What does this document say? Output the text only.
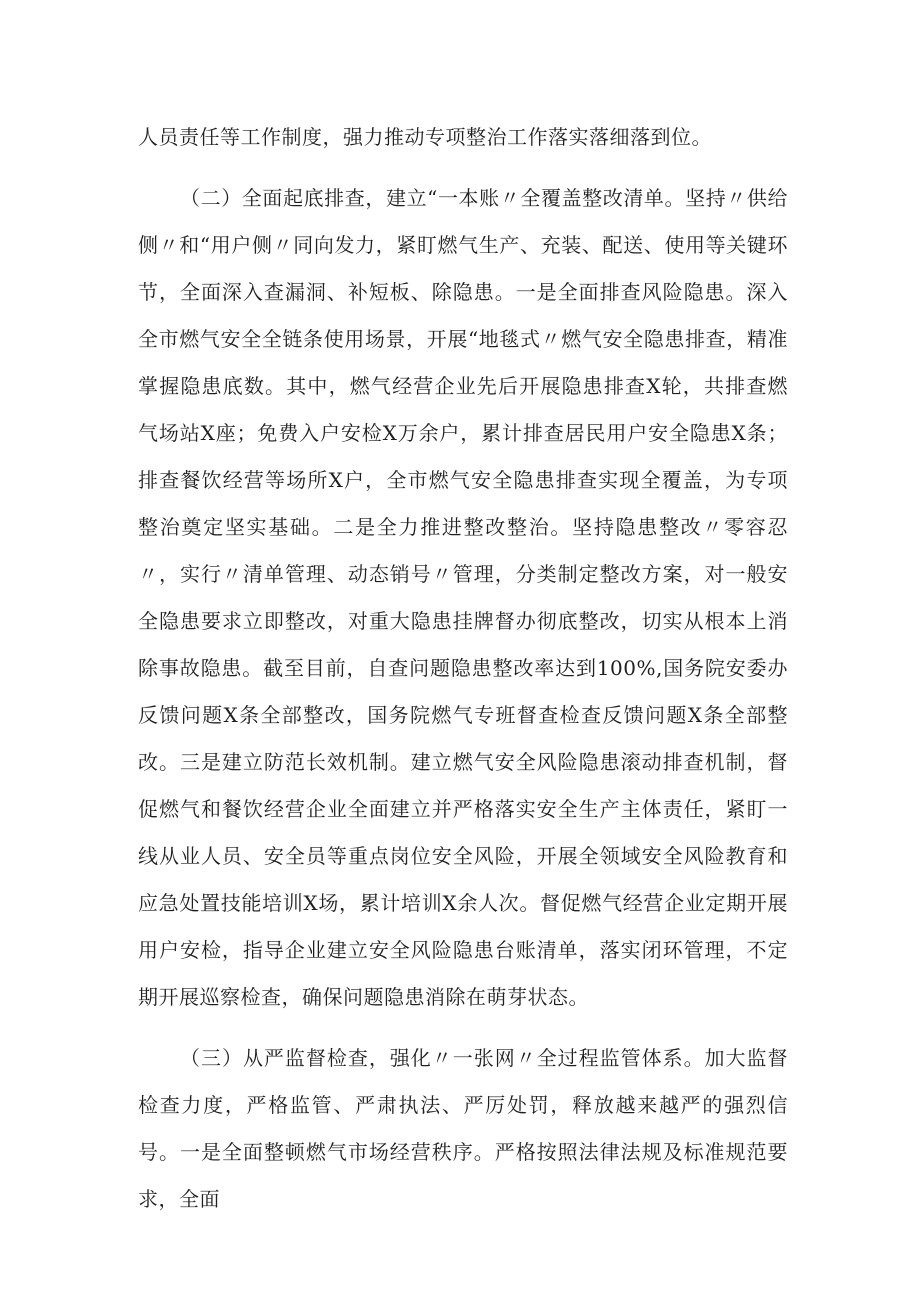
人员责任等工作制度，强力推动专项整治工作落实落细落到位。

（二）全面起底排查，建立“一本账〃全覆盖整改清单。坚持〃供给侧〃和“用户侧〃同向发力，紧盯燃气生产、充装、配送、使用等关键环节，全面深入查漏洞、补短板、除隐患。一是全面排查风险隐患。深入全市燃气安全全链条使用场景，开展“地毯式〃燃气安全隐患排查，精准掌握隐患底数。其中，燃气经营企业先后开展隐患排查X轮，共排查燃气场站X座；免费入户安检X万余户，累计排查居民用户安全隐患X条；排查餐饮经营等场所X户，全市燃气安全隐患排查实现全覆盖，为专项整治奠定坚实基础。二是全力推进整改整治。坚持隐患整改〃零容忍〃，实行〃清单管理、动态销号〃管理，分类制定整改方案，对一般安全隐患要求立即整改，对重大隐患挂牌督办彻底整改，切实从根本上消除事故隐患。截至目前，自查问题隐患整改率达到100%,国务院安委办反馈问题X条全部整改，国务院燃气专班督查检查反馈问题X条全部整改。三是建立防范长效机制。建立燃气安全风险隐患滚动排查机制，督促燃气和餐饮经营企业全面建立并严格落实安全生产主体责任，紧盯一线从业人员、安全员等重点岗位安全风险，开展全领域安全风险教育和应急处置技能培训X场，累计培训X余人次。督促燃气经营企业定期开展用户安检，指导企业建立安全风险隐患台账清单，落实闭环管理，不定期开展巡察检查，确保问题隐患消除在萌芽状态。

（三）从严监督检查，强化〃一张网〃全过程监管体系。加大监督检查力度，严格监管、严肃执法、严厉处罚，释放越来越严的强烈信号。一是全面整顿燃气市场经营秩序。严格按照法律法规及标准规范要求，全面
